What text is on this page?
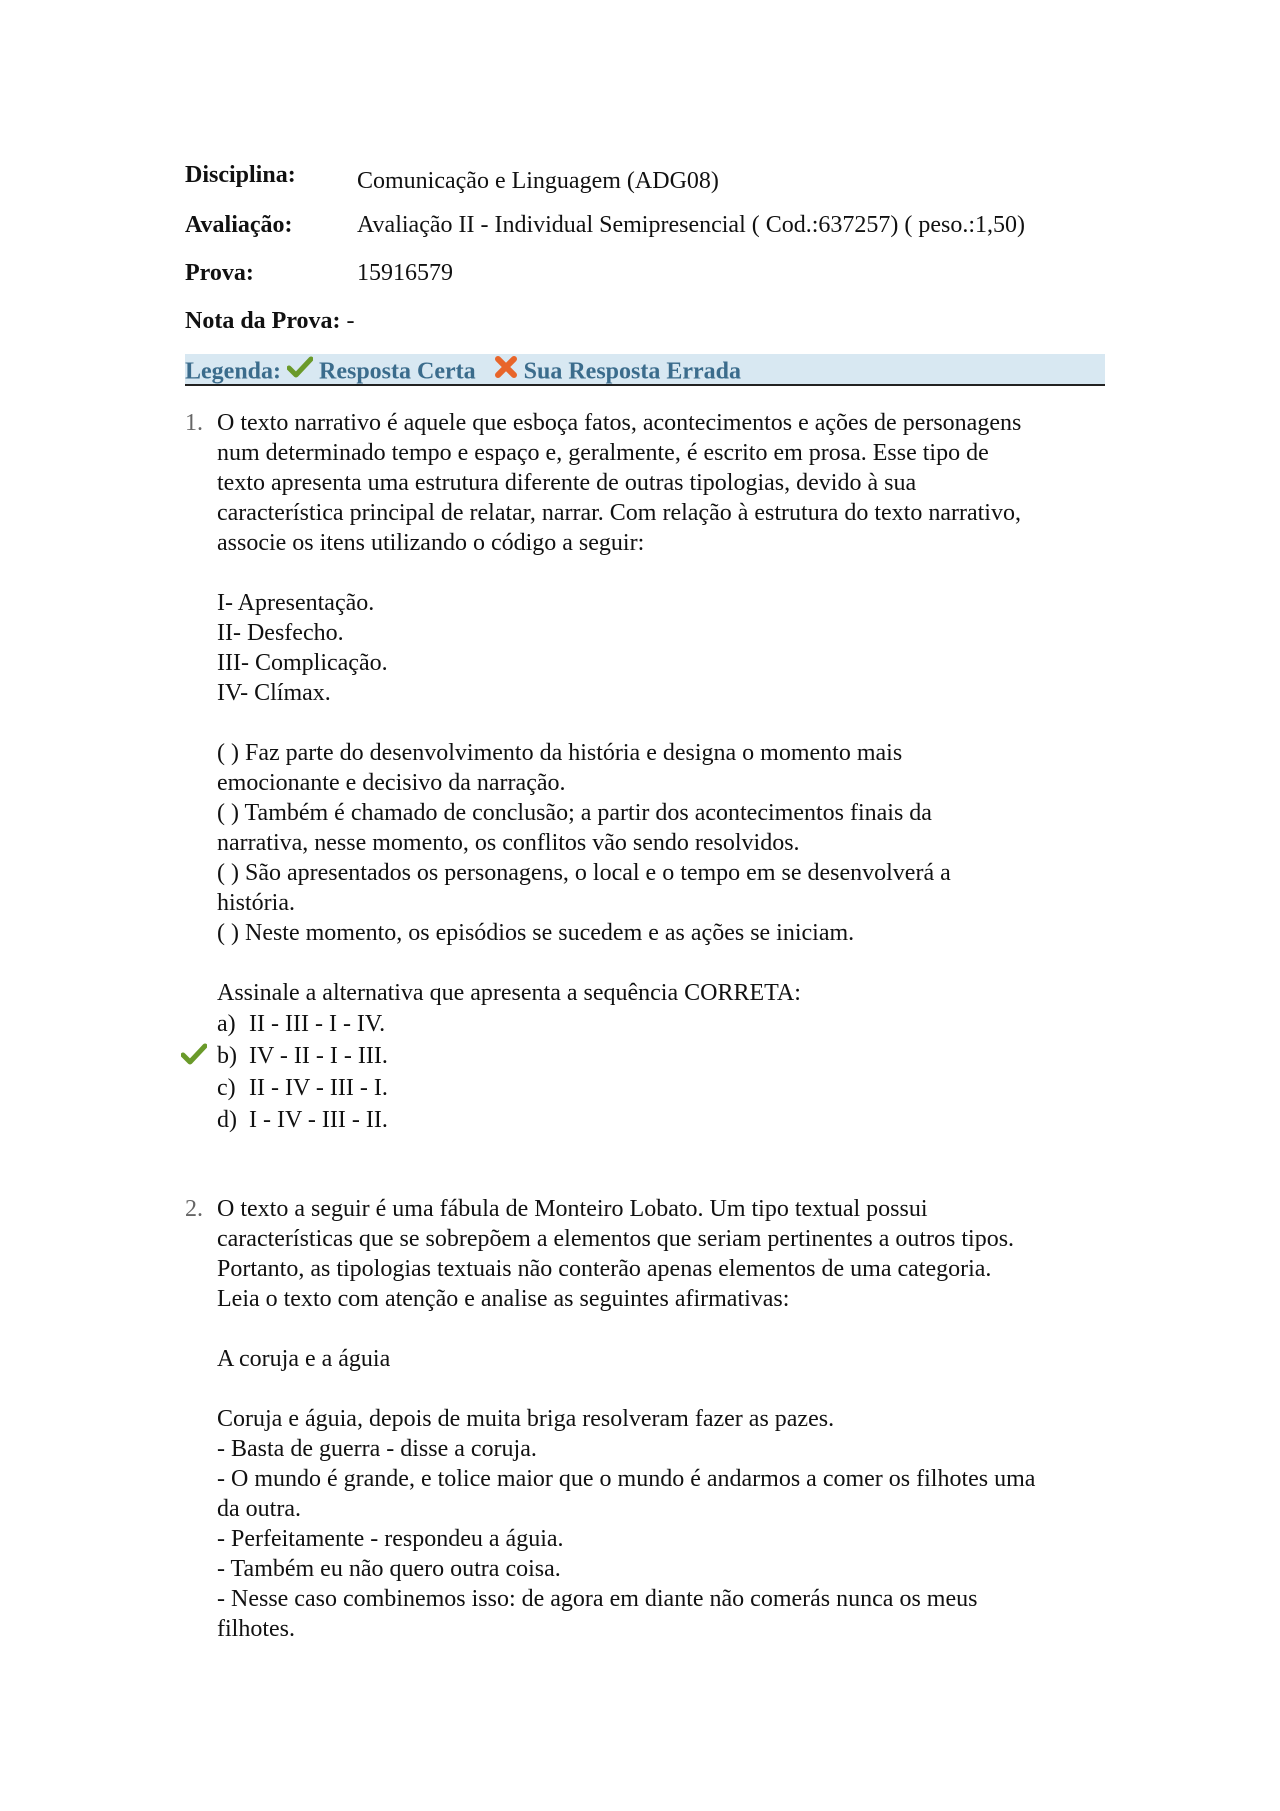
Disciplina:	Comunicação e Linguagem (ADG08)
Avaliação:	Avaliação II - Individual Semipresencial ( Cod.:637257) ( peso.:1,50)
Prova:	15916579
Nota da Prova: -
Legenda: Resposta Certa Sua Resposta Errada
1. O texto narrativo é aquele que esboça fatos, acontecimentos e ações de personagens

num determinado tempo e espaço e, geralmente, é escrito em prosa. Esse tipo de

texto apresenta uma estrutura diferente de outras tipologias, devido à sua

característica principal de relatar, narrar. Com relação à estrutura do texto narrativo,

associe os itens utilizando o código a seguir:

I- Apresentação.

II- Desfecho.

III- Complicação.

IV- Clímax.

( ) Faz parte do desenvolvimento da história e designa o momento mais

emocionante e decisivo da narração.

( ) Também é chamado de conclusão; a partir dos acontecimentos finais da

narrativa, nesse momento, os conflitos vão sendo resolvidos.

( ) São apresentados os personagens, o local e o tempo em se desenvolverá a

história.

( ) Neste momento, os episódios se sucedem e as ações se iniciam.

Assinale a alternativa que apresenta a sequência CORRETA:

a) II - III - I - IV.
b) IV - II - I - III.
c) II - IV - III - I.
d) I - IV - III - II.
2. O texto a seguir é uma fábula de Monteiro Lobato. Um tipo textual possui

características que se sobrepõem a elementos que seriam pertinentes a outros tipos.

Portanto, as tipologias textuais não conterão apenas elementos de uma categoria.

Leia o texto com atenção e analise as seguintes afirmativas:

A coruja e a águia

Coruja e águia, depois de muita briga resolveram fazer as pazes.

- Basta de guerra - disse a coruja.

- O mundo é grande, e tolice maior que o mundo é andarmos a comer os filhotes uma

da outra.

- Perfeitamente - respondeu a águia.

- Também eu não quero outra coisa.

- Nesse caso combinemos isso: de agora em diante não comerás nunca os meus

filhotes.
